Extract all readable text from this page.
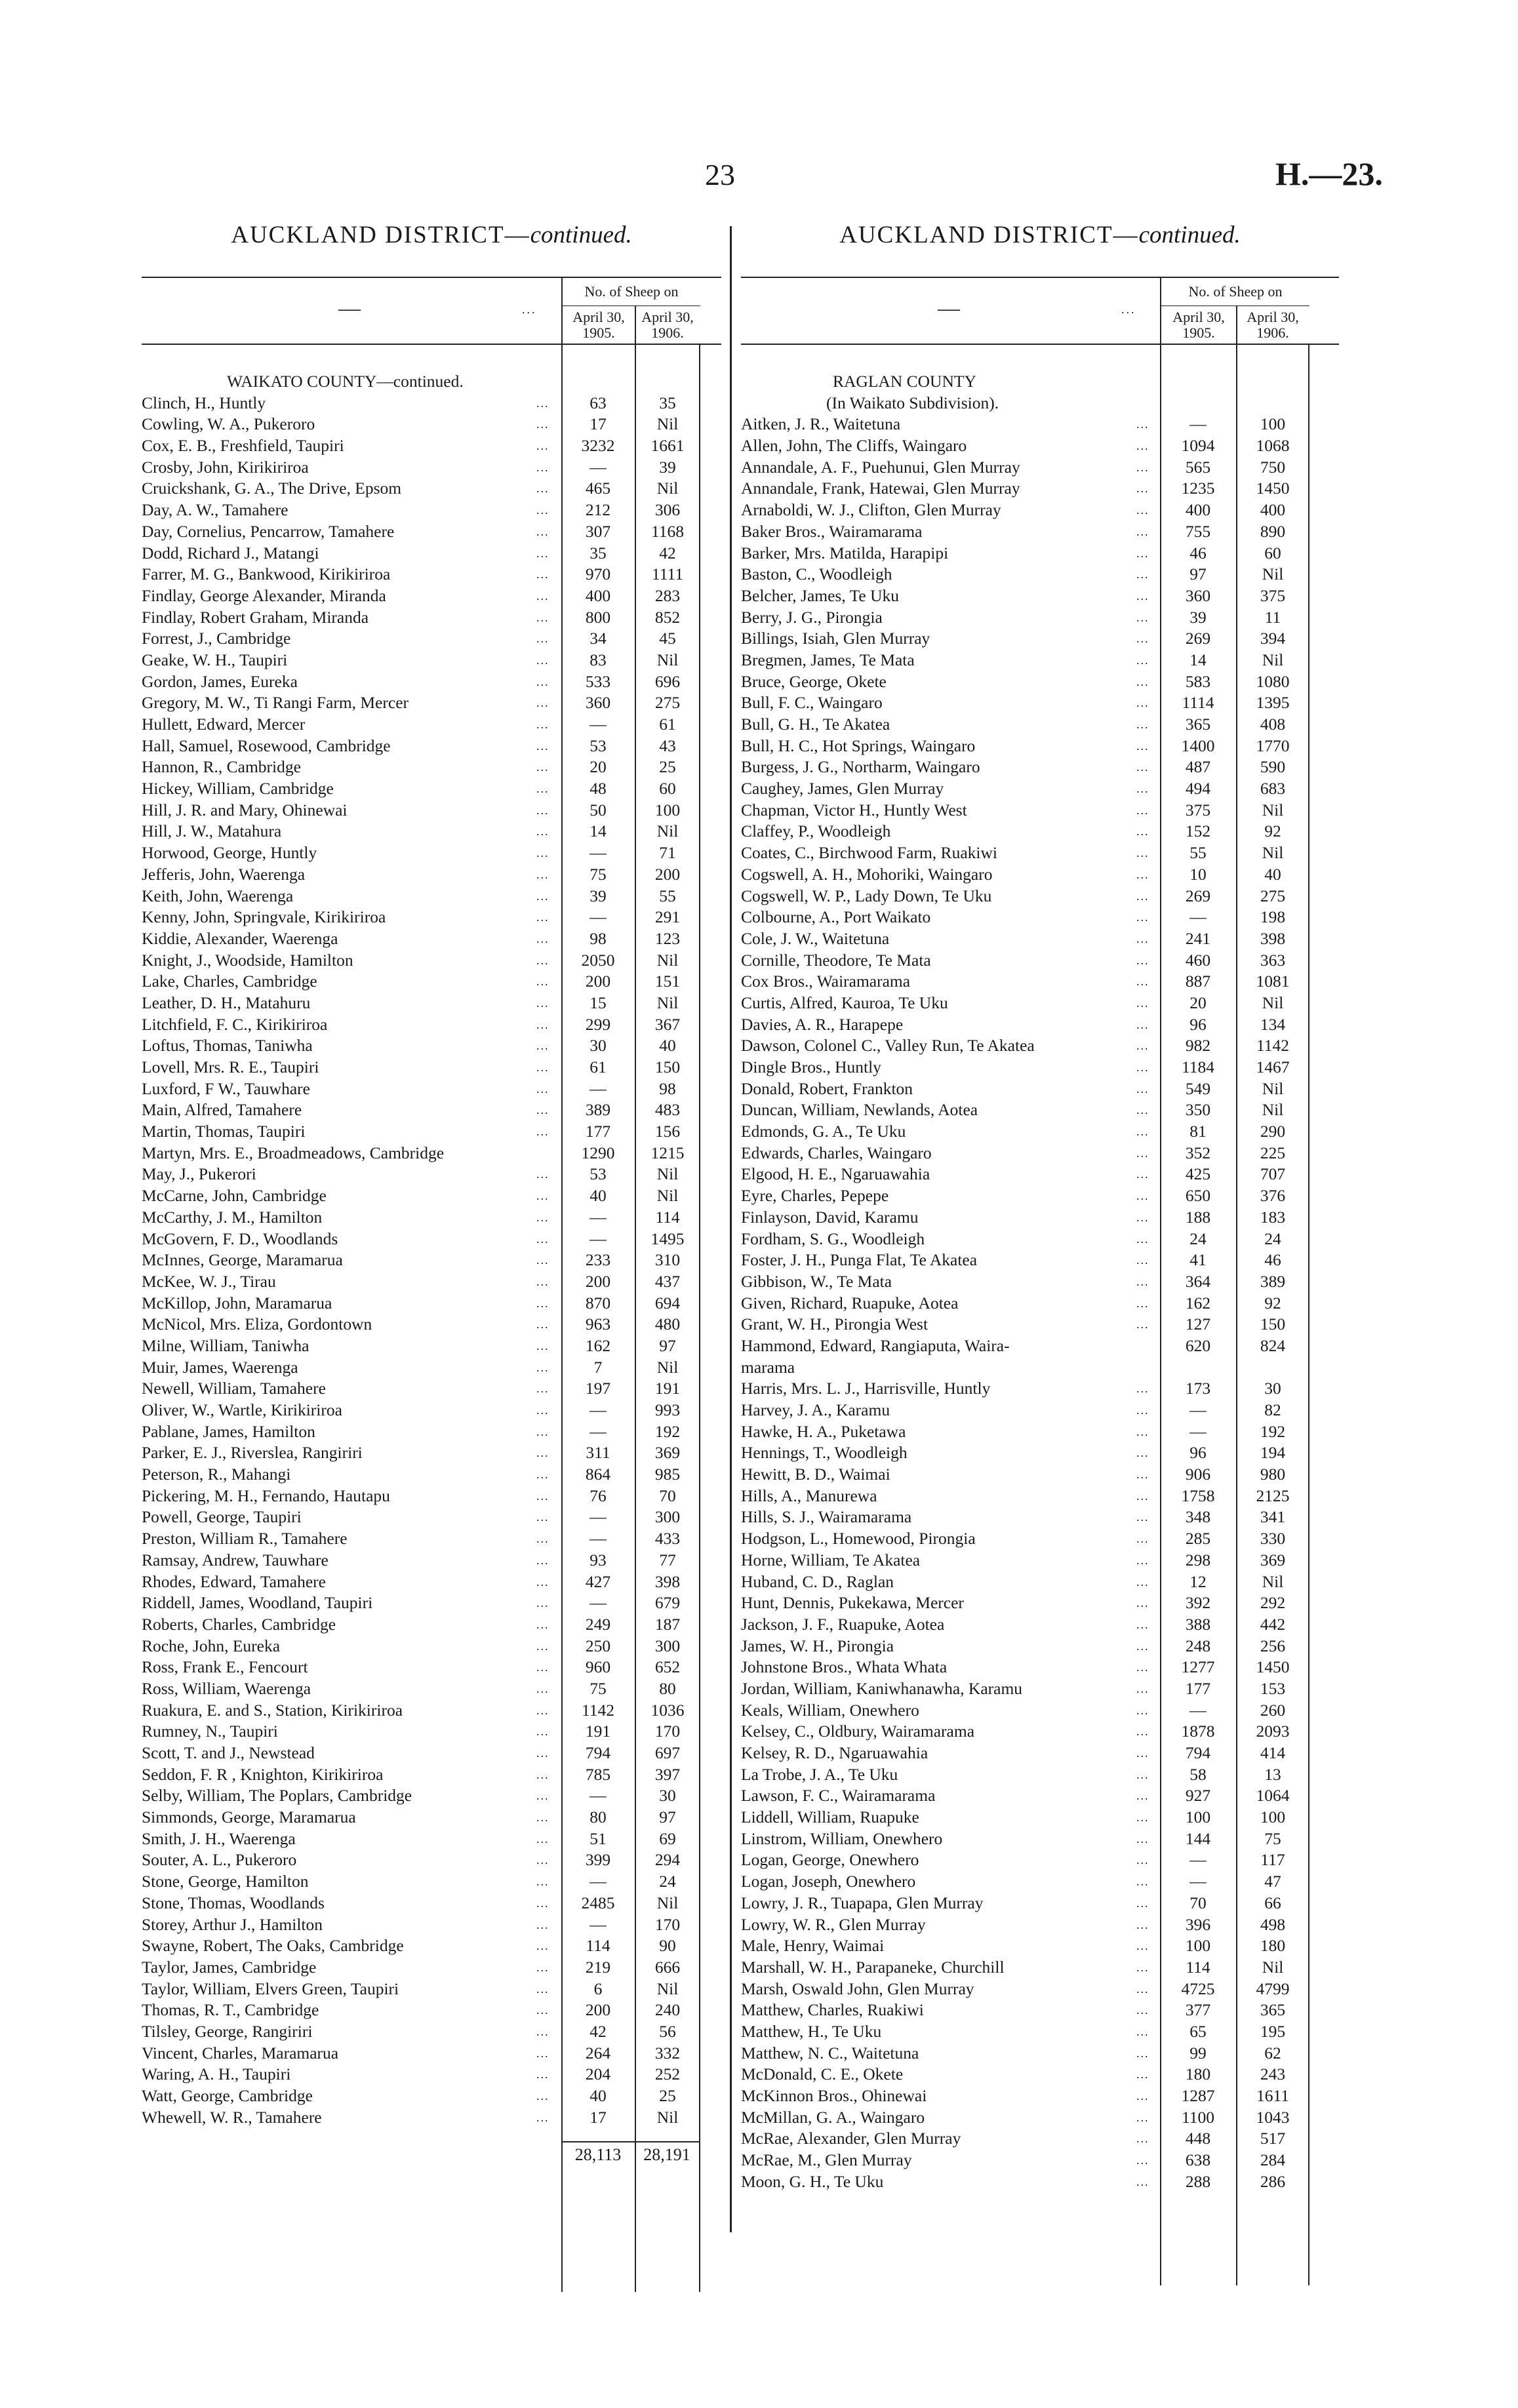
23	H.—23.
AUCKLAND DISTRICT—continued.
—	...
No. of Sheep on
April 30, 1905.
April 30, 1906.
WAIKATO COUNTY—continued.
Clinch, H., Huntly	...	63	35
Cowling, W. A., Pukeroro	...	17	Nil
Cox, E. B., Freshfield, Taupiri	...	3232	1661
Crosby, John, Kirikiriroa	...	—	39
Cruickshank, G. A., The Drive, Epsom	...	465	Nil
Day, A. W., Tamahere	...	212	306
Day, Cornelius, Pencarrow, Tamahere	...	307	1168
Dodd, Richard J., Matangi	...	35	42
Farrer, M. G., Bankwood, Kirikiriroa	...	970	1111
Findlay, George Alexander, Miranda	...	400	283
Findlay, Robert Graham, Miranda	...	800	852
Forrest, J., Cambridge	...	34	45
Geake, W. H., Taupiri	...	83	Nil
Gordon, James, Eureka	...	533	696
Gregory, M. W., Ti Rangi Farm, Mercer	...	360	275
Hullett, Edward, Mercer	...	—	61
Hall, Samuel, Rosewood, Cambridge	...	53	43
Hannon, R., Cambridge	...	20	25
Hickey, William, Cambridge	...	48	60
Hill, J. R. and Mary, Ohinewai	...	50	100
Hill, J. W., Matahura	...	14	Nil
Horwood, George, Huntly	...	—	71
Jefferis, John, Waerenga	...	75	200
Keith, John, Waerenga	...	39	55
Kenny, John, Springvale, Kirikiriroa	...	—	291
Kiddie, Alexander, Waerenga	...	98	123
Knight, J., Woodside, Hamilton	...	2050	Nil
Lake, Charles, Cambridge	...	200	151
Leather, D. H., Matahuru	...	15	Nil
Litchfield, F. C., Kirikiriroa	...	299	367
Loftus, Thomas, Taniwha	...	30	40
Lovell, Mrs. R. E., Taupiri	...	61	150
Luxford, F W., Tauwhare	...	—	98
Main, Alfred, Tamahere	...	389	483
Martin, Thomas, Taupiri	...	177	156
Martyn, Mrs. E., Broadmeadows, Cambridge	1290	1215
May, J., Pukerori	...	53	Nil
McCarne, John, Cambridge	...	40	Nil
McCarthy, J. M., Hamilton	...	—	114
McGovern, F. D., Woodlands	...	—	1495
McInnes, George, Maramarua	...	233	310
McKee, W. J., Tirau	...	200	437
McKillop, John, Maramarua	...	870	694
McNicol, Mrs. Eliza, Gordontown	...	963	480
Milne, William, Taniwha	...	162	97
Muir, James, Waerenga	...	7	Nil
Newell, William, Tamahere	...	197	191
Oliver, W., Wartle, Kirikiriroa	...	—	993
Pablane, James, Hamilton	...	—	192
Parker, E. J., Riverslea, Rangiriri	...	311	369
Peterson, R., Mahangi	...	864	985
Pickering, M. H., Fernando, Hautapu	...	76	70
Powell, George, Taupiri	...	—	300
Preston, William R., Tamahere	...	—	433
Ramsay, Andrew, Tauwhare	...	93	77
Rhodes, Edward, Tamahere	...	427	398
Riddell, James, Woodland, Taupiri	...	—	679
Roberts, Charles, Cambridge	...	249	187
Roche, John, Eureka	...	250	300
Ross, Frank E., Fencourt	...	960	652
Ross, William, Waerenga	...	75	80
Ruakura, E. and S., Station, Kirikiriroa	...	1142	1036
Rumney, N., Taupiri	...	191	170
Scott, T. and J., Newstead	...	794	697
Seddon, F. R , Knighton, Kirikiriroa	...	785	397
Selby, William, The Poplars, Cambridge	...	—	30
Simmonds, George, Maramarua	...	80	97
Smith, J. H., Waerenga	...	51	69
Souter, A. L., Pukeroro	...	399	294
Stone, George, Hamilton	...	—	24
Stone, Thomas, Woodlands	...	2485	Nil
Storey, Arthur J., Hamilton	...	—	170
Swayne, Robert, The Oaks, Cambridge	...	114	90
Taylor, James, Cambridge	...	219	666
Taylor, William, Elvers Green, Taupiri	...	6	Nil
Thomas, R. T., Cambridge	...	200	240
Tilsley, George, Rangiriri	...	42	56
Vincent, Charles, Maramarua	...	264	332
Waring, A. H., Taupiri	...	204	252
Watt, George, Cambridge	...	40	25
Whewell, W. R., Tamahere	...	17	Nil
28,113	28,191
AUCKLAND DISTRICT—continued.
—	...
No. of Sheep on
April 30, 1905.
April 30, 1906.
RAGLAN COUNTY
(In Waikato Subdivision).
Aitken, J. R., Waitetuna	...	—	100
Allen, John, The Cliffs, Waingaro	...	1094	1068
Annandale, A. F., Puehunui, Glen Murray	...	565	750
Annandale, Frank, Hatewai, Glen Murray	...	1235	1450
Arnaboldi, W. J., Clifton, Glen Murray	...	400	400
Baker Bros., Wairamarama	...	755	890
Barker, Mrs. Matilda, Harapipi	...	46	60
Baston, C., Woodleigh	...	97	Nil
Belcher, James, Te Uku	...	360	375
Berry, J. G., Pirongia	...	39	11
Billings, Isiah, Glen Murray	...	269	394
Bregmen, James, Te Mata	...	14	Nil
Bruce, George, Okete	...	583	1080
Bull, F. C., Waingaro	...	1114	1395
Bull, G. H., Te Akatea	...	365	408
Bull, H. C., Hot Springs, Waingaro	...	1400	1770
Burgess, J. G., Northarm, Waingaro	...	487	590
Caughey, James, Glen Murray	...	494	683
Chapman, Victor H., Huntly West	...	375	Nil
Claffey, P., Woodleigh	...	152	92
Coates, C., Birchwood Farm, Ruakiwi	...	55	Nil
Cogswell, A. H., Mohoriki, Waingaro	...	10	40
Cogswell, W. P., Lady Down, Te Uku	...	269	275
Colbourne, A., Port Waikato	...	—	198
Cole, J. W., Waitetuna	...	241	398
Cornille, Theodore, Te Mata	...	460	363
Cox Bros., Wairamarama	...	887	1081
Curtis, Alfred, Kauroa, Te Uku	...	20	Nil
Davies, A. R., Harapepe	...	96	134
Dawson, Colonel C., Valley Run, Te Akatea	...	982	1142
Dingle Bros., Huntly	...	1184	1467
Donald, Robert, Frankton	...	549	Nil
Duncan, William, Newlands, Aotea	...	350	Nil
Edmonds, G. A., Te Uku	...	81	290
Edwards, Charles, Waingaro	...	352	225
Elgood, H. E., Ngaruawahia	...	425	707
Eyre, Charles, Pepepe	...	650	376
Finlayson, David, Karamu	...	188	183
Fordham, S. G., Woodleigh	...	24	24
Foster, J. H., Punga Flat, Te Akatea	...	41	46
Gibbison, W., Te Mata	...	364	389
Given, Richard, Ruapuke, Aotea	...	162	92
Grant, W. H., Pirongia West	...	127	150
Hammond, Edward, Rangiaputa, Waira-	620	824
marama
Harris, Mrs. L. J., Harrisville, Huntly	...	173	30
Harvey, J. A., Karamu	...	—	82
Hawke, H. A., Puketawa	...	—	192
Hennings, T., Woodleigh	...	96	194
Hewitt, B. D., Waimai	...	906	980
Hills, A., Manurewa	...	1758	2125
Hills, S. J., Wairamarama	...	348	341
Hodgson, L., Homewood, Pirongia	...	285	330
Horne, William, Te Akatea	...	298	369
Huband, C. D., Raglan	...	12	Nil
Hunt, Dennis, Pukekawa, Mercer	...	392	292
Jackson, J. F., Ruapuke, Aotea	...	388	442
James, W. H., Pirongia	...	248	256
Johnstone Bros., Whata Whata	...	1277	1450
Jordan, William, Kaniwhanawha, Karamu	...	177	153
Keals, William, Onewhero	...	—	260
Kelsey, C., Oldbury, Wairamarama	...	1878	2093
Kelsey, R. D., Ngaruawahia	...	794	414
La Trobe, J. A., Te Uku	...	58	13
Lawson, F. C., Wairamarama	...	927	1064
Liddell, William, Ruapuke	...	100	100
Linstrom, William, Onewhero	...	144	75
Logan, George, Onewhero	...	—	117
Logan, Joseph, Onewhero	...	—	47
Lowry, J. R., Tuapapa, Glen Murray	...	70	66
Lowry, W. R., Glen Murray	...	396	498
Male, Henry, Waimai	...	100	180
Marshall, W. H., Parapaneke, Churchill	...	114	Nil
Marsh, Oswald John, Glen Murray	...	4725	4799
Matthew, Charles, Ruakiwi	...	377	365
Matthew, H., Te Uku	...	65	195
Matthew, N. C., Waitetuna	...	99	62
McDonald, C. E., Okete	...	180	243
McKinnon Bros., Ohinewai	...	1287	1611
McMillan, G. A., Waingaro	...	1100	1043
McRae, Alexander, Glen Murray	...	448	517
McRae, M., Glen Murray	...	638	284
Moon, G. H., Te Uku	...	288	286
